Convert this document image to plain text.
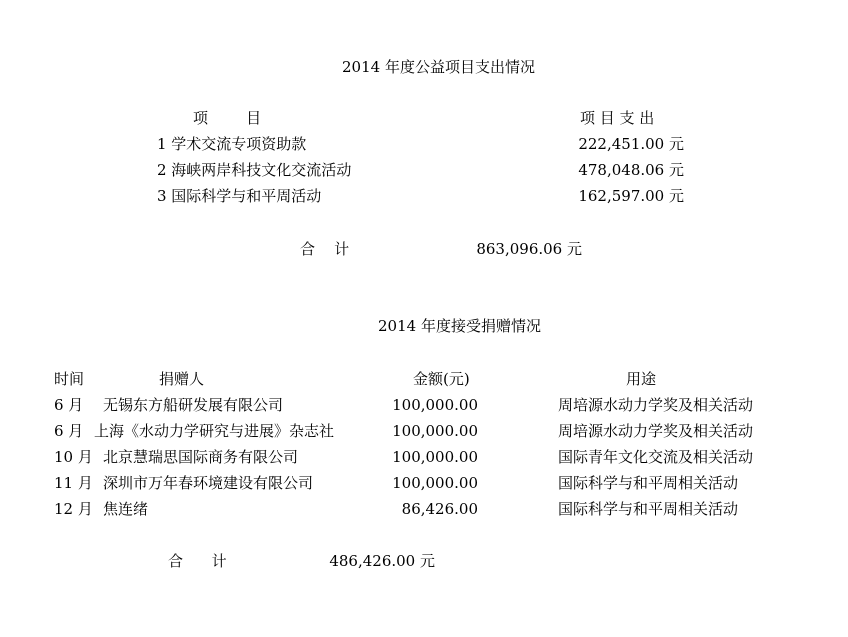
2014 年度公益项目支出情况
项        目	项 目 支 出
1 学术交流专项资助款	222,451.00 元
2 海峡两岸科技文化交流活动	478,048.06 元
3 国际科学与和平周活动	162,597.00 元
合    计	863,096.06 元
2014 年度接受捐赠情况
时间	捐赠人	金额(元)	用途
6 月 无锡东方船研发展有限公司	100,000.00	周培源水动力学奖及相关活动
6 月 上海《水动力学研究与进展》杂志社	100,000.00	周培源水动力学奖及相关活动
10 月 北京慧瑞思国际商务有限公司	100,000.00	国际青年文化交流及相关活动
11 月 深圳市万年春环境建设有限公司	100,000.00	国际科学与和平周相关活动
12 月 焦连绪	86,426.00	国际科学与和平周相关活动
合      计	486,426.00 元
